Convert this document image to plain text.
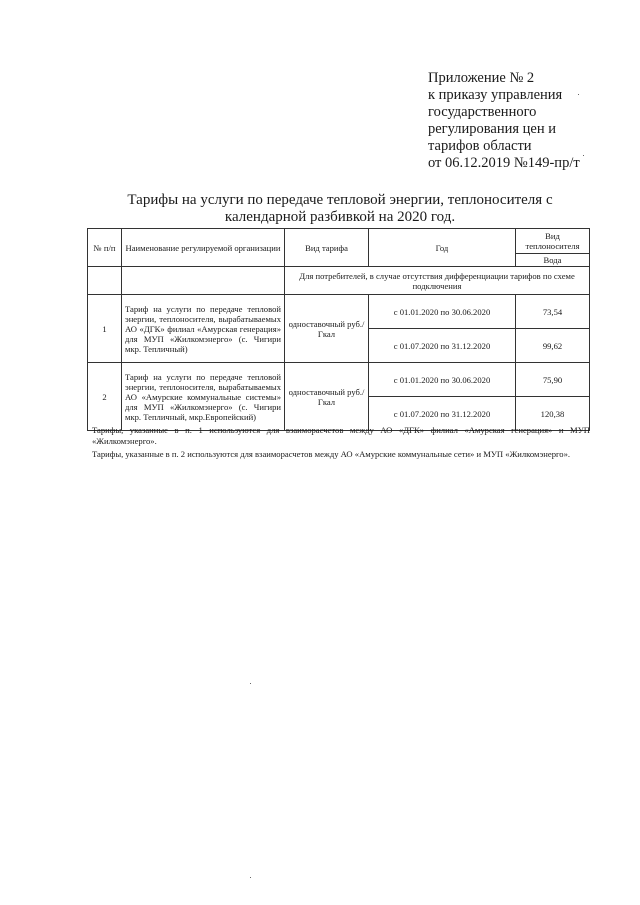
Приложение № 2
к приказу управления
государственного
регулирования цен и
тарифов области
от 06.12.2019 №149-пр/т
Тарифы на услуги по передаче тепловой энергии, теплоносителя с
календарной разбивкой на 2020 год.
№ п/п	Наименование регулируемой организации	Вид тарифа	Год	Вид теплоносителя
				Вода
		Для потребителей, в случае отсутствия дифференциации тарифов по схеме подключения		
1	Тариф на услуги по передаче тепловой энергии, теплоносителя, вырабатываемых АО «ДГК» филиал «Амурская генерация» для МУП «Жилкомэнерго» (с. Чигири мкр. Тепличный)	одноставочный руб./Гкал	с 01.01.2020 по 30.06.2020	73,54
			с 01.07.2020 по 31.12.2020	99,62
2	Тариф на услуги по передаче тепловой энергии, теплоносителя, вырабатываемых АО «Амурские коммунальные системы» для МУП «Жилкомэнерго» (с. Чигири мкр. Тепличный, мкр.Европейский)	одноставочный руб./Гкал	с 01.01.2020 по 30.06.2020	75,90
			с 01.07.2020 по 31.12.2020	120,38

Тарифы, указанные в п. 1 используются для взаиморасчетов между АО «ДГК» филиал «Амурская генерация» и МУП «Жилкомэнерго».

Тарифы, указанные в п. 2 используются для взаиморасчетов между АО «Амурские коммунальные сети» и МУП «Жилкомэнерго».
